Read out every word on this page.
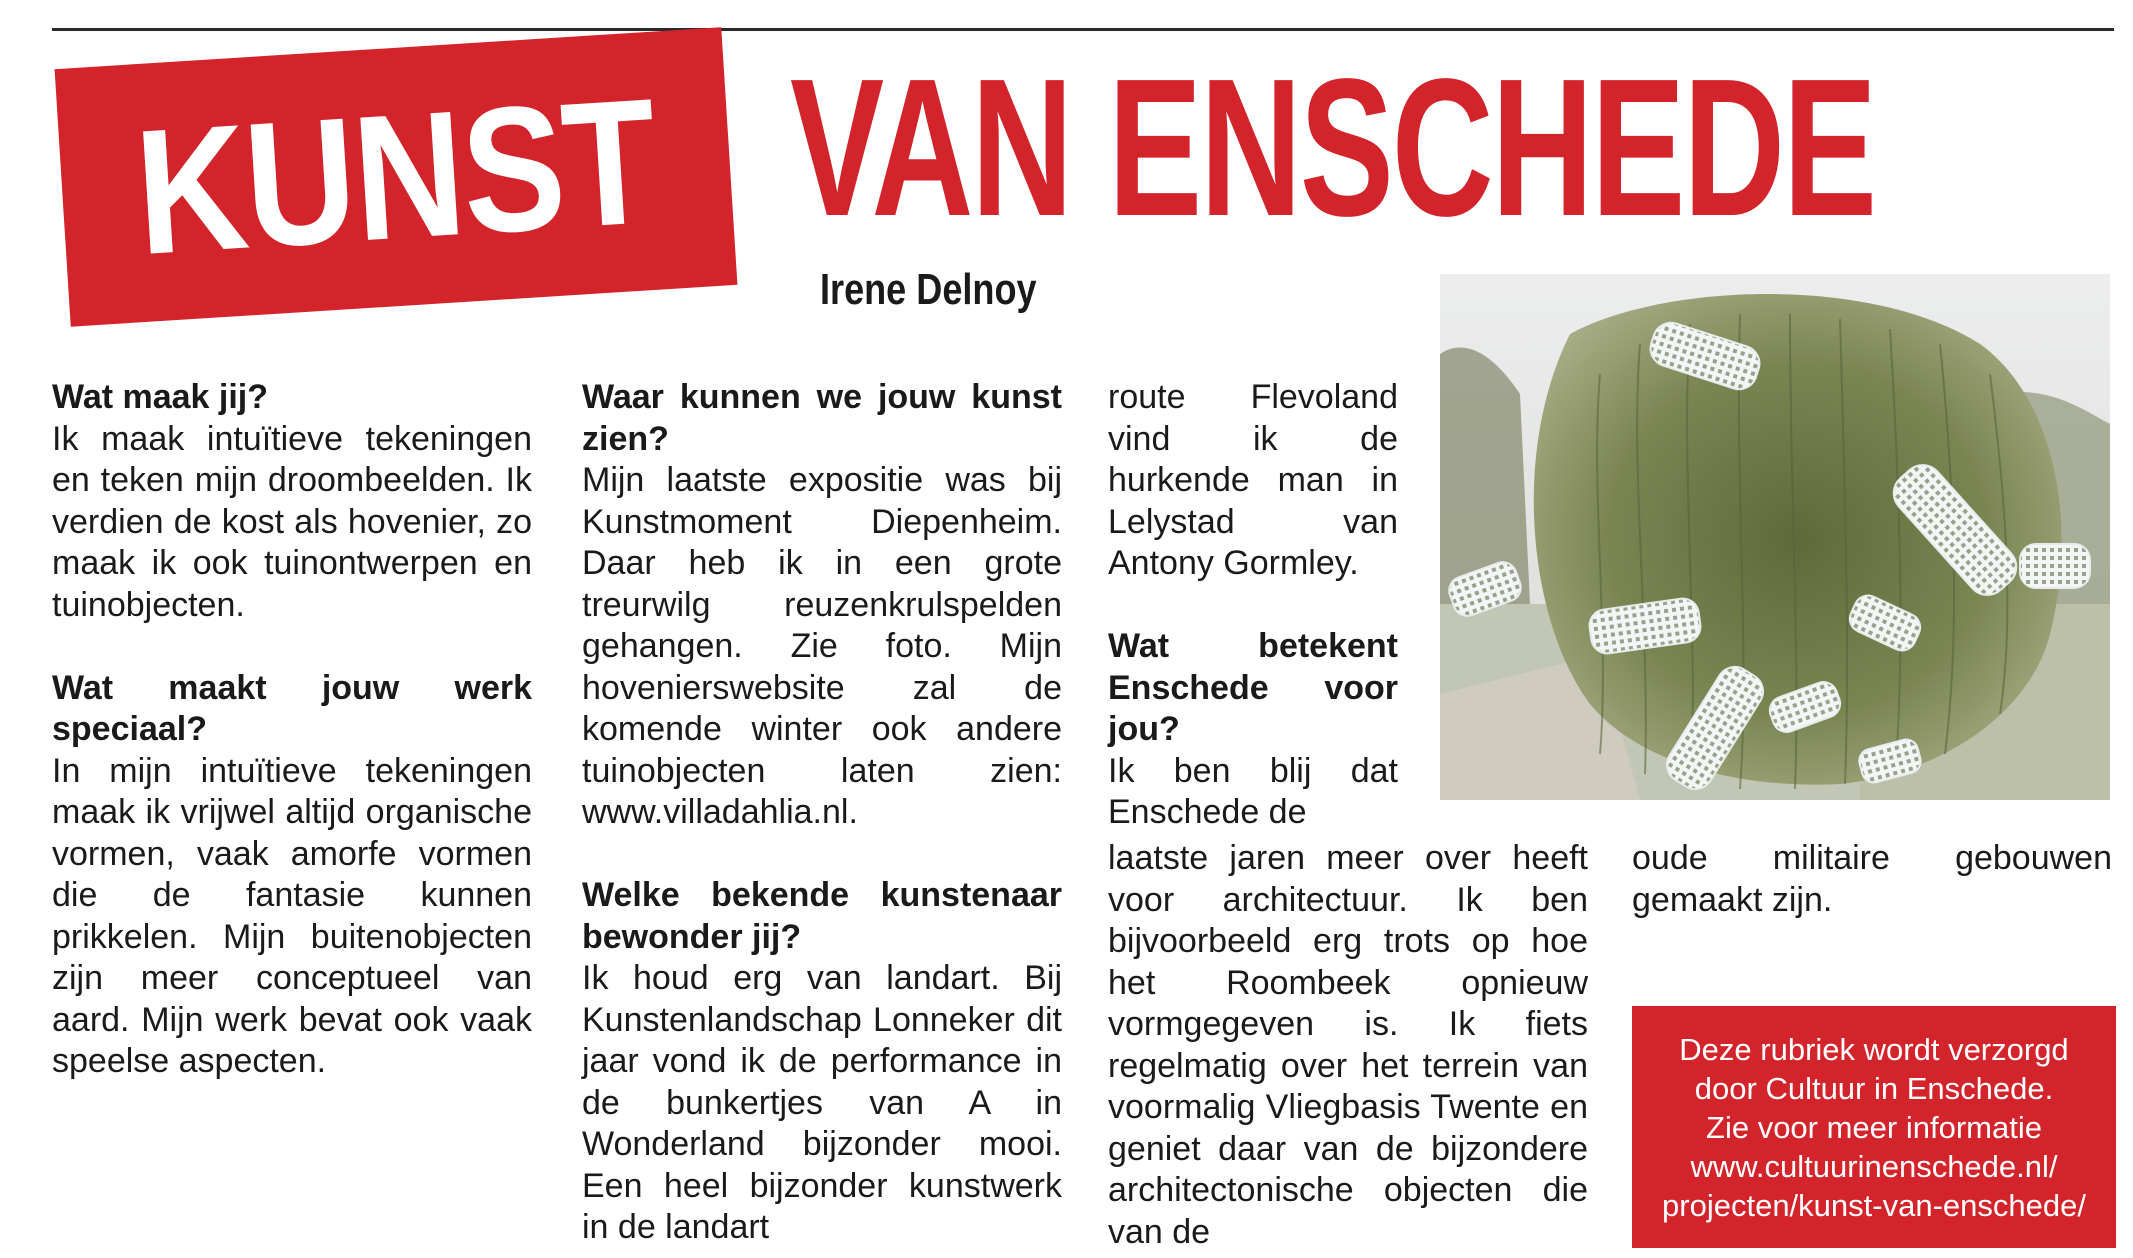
KUNST VAN ENSCHEDE
Irene Delnoy
Wat maak jij?

Ik maak intuïtieve tekeningen en teken mijn droombeelden. Ik verdien de kost als hovenier, zo maak ik ook tuinontwerpen en tuinobjecten.

Wat maakt jouw werk speciaal?

In mijn intuïtieve tekeningen maak ik vrijwel altijd organische vormen, vaak amorfe vormen die de fantasie kunnen prikkelen. Mijn buitenobjecten zijn meer conceptueel van aard. Mijn werk bevat ook vaak speelse aspecten.

Waar kunnen we jouw kunst zien?

Mijn laatste expositie was bij Kunstmoment Diepenheim. Daar heb ik in een grote treurwilg reuzenkrulspelden gehangen. Zie foto. Mijn hovenierswebsite zal de komende winter ook andere tuinobjecten laten zien: www.villadahlia.nl.

Welke bekende kunstenaar bewonder jij?

Ik houd erg van landart. Bij Kunstenlandschap Lonneker dit jaar vond ik de performance in de bunkertjes van A in Wonderland bijzonder mooi. Een heel bijzonder kunstwerk in de landart

route Flevoland vind ik de hurkende man in Lelystad van Antony Gormley.

Wat betekent Enschede voor jou?

Ik ben blij dat Enschede de

laatste jaren meer over heeft voor architectuur. Ik ben bijvoorbeeld erg trots op hoe het Roombeek opnieuw vormgegeven is. Ik fiets regelmatig over het terrein van voormalig Vliegbasis Twente en geniet daar van de bijzondere architectonische objecten die van de

oude militaire gebouwen gemaakt zijn.

Deze rubriek wordt verzorgd
door Cultuur in Enschede.
Zie voor meer informatie
www.cultuurinenschede.nl/
projecten/kunst-van-enschede/
